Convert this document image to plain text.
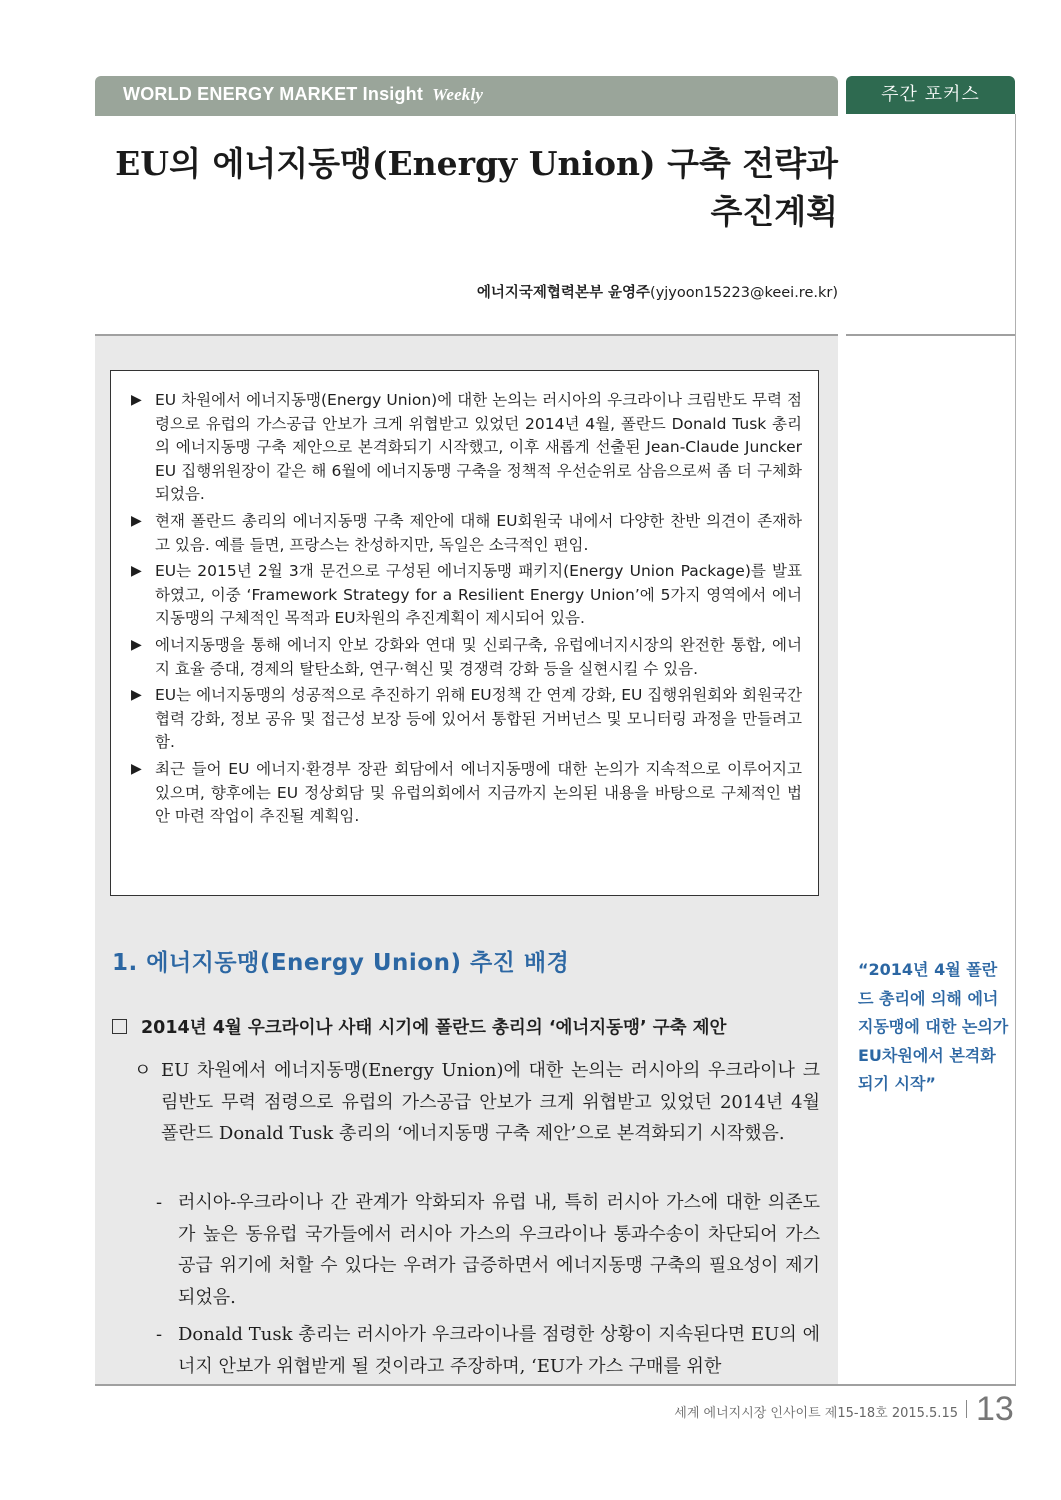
WORLD ENERGY MARKET Insight Weekly	주간 포커스
EU의 에너지동맹(Energy Union) 구축 전략과
추진계획
에너지국제협력본부 윤영주(yjyoon15223@keei.re.kr)
▶ EU 차원에서 에너지동맹(Energy Union)에 대한 논의는 러시아의 우크라이나 크림반도 무력 점령으로 유럽의 가스공급 안보가 크게 위협받고 있었던 2014년 4월, 폴란드 Donald Tusk 총리의 에너지동맹 구축 제안으로 본격화되기 시작했고, 이후 새롭게 선출된 Jean-Claude Juncker EU 집행위원장이 같은 해 6월에 에너지동맹 구축을 정책적 우선순위로 삼음으로써 좀 더 구체화 되었음.
▶ 현재 폴란드 총리의 에너지동맹 구축 제안에 대해 EU회원국 내에서 다양한 찬반 의견이 존재하고 있음. 예를 들면, 프랑스는 찬성하지만, 독일은 소극적인 편임.
▶ EU는 2015년 2월 3개 문건으로 구성된 에너지동맹 패키지(Energy Union Package)를 발표하였고, 이중 ‘Framework Strategy for a Resilient Energy Union’에 5가지 영역에서 에너지동맹의 구체적인 목적과 EU차원의 추진계획이 제시되어 있음.
▶ 에너지동맹을 통해 에너지 안보 강화와 연대 및 신뢰구축, 유럽에너지시장의 완전한 통합, 에너지 효율 증대, 경제의 탈탄소화, 연구·혁신 및 경쟁력 강화 등을 실현시킬 수 있음.
▶ EU는 에너지동맹의 성공적으로 추진하기 위해 EU정책 간 연계 강화, EU 집행위원회와 회원국간 협력 강화, 정보 공유 및 접근성 보장 등에 있어서 통합된 거버넌스 및 모니터링 과정을 만들려고 함.
▶ 최근 들어 EU 에너지·환경부 장관 회담에서 에너지동맹에 대한 논의가 지속적으로 이루어지고 있으며, 향후에는 EU 정상회담 및 유럽의회에서 지금까지 논의된 내용을 바탕으로 구체적인 법안 마련 작업이 추진될 계획임.
1. 에너지동맹(Energy Union) 추진 배경
2014년 4월 우크라이나 사태 시기에 폴란드 총리의 ‘에너지동맹’ 구축 제안
ㅇ EU 차원에서 에너지동맹(Energy Union)에 대한 논의는 러시아의 우크라이나 크림반도 무력 점령으로 유럽의 가스공급 안보가 크게 위협받고 있었던 2014년 4월 폴란드 Donald Tusk 총리의 ‘에너지동맹 구축 제안’으로 본격화되기 시작했음.
- 러시아-우크라이나 간 관계가 악화되자 유럽 내, 특히 러시아 가스에 대한 의존도가 높은 동유럽 국가들에서 러시아 가스의 우크라이나 통과수송이 차단되어 가스공급 위기에 처할 수 있다는 우려가 급증하면서 에너지동맹 구축의 필요성이 제기되었음.
- Donald Tusk 총리는 러시아가 우크라이나를 점령한 상황이 지속된다면 EU의 에너지 안보가 위협받게 될 것이라고 주장하며, ‘EU가 가스 구매를 위한
“2014년 4월 폴란드 총리에 의해 에너지동맹에 대한 논의가 EU차원에서 본격화되기 시작”
세계 에너지시장 인사이트 제15-18호 2015.5.15 13
